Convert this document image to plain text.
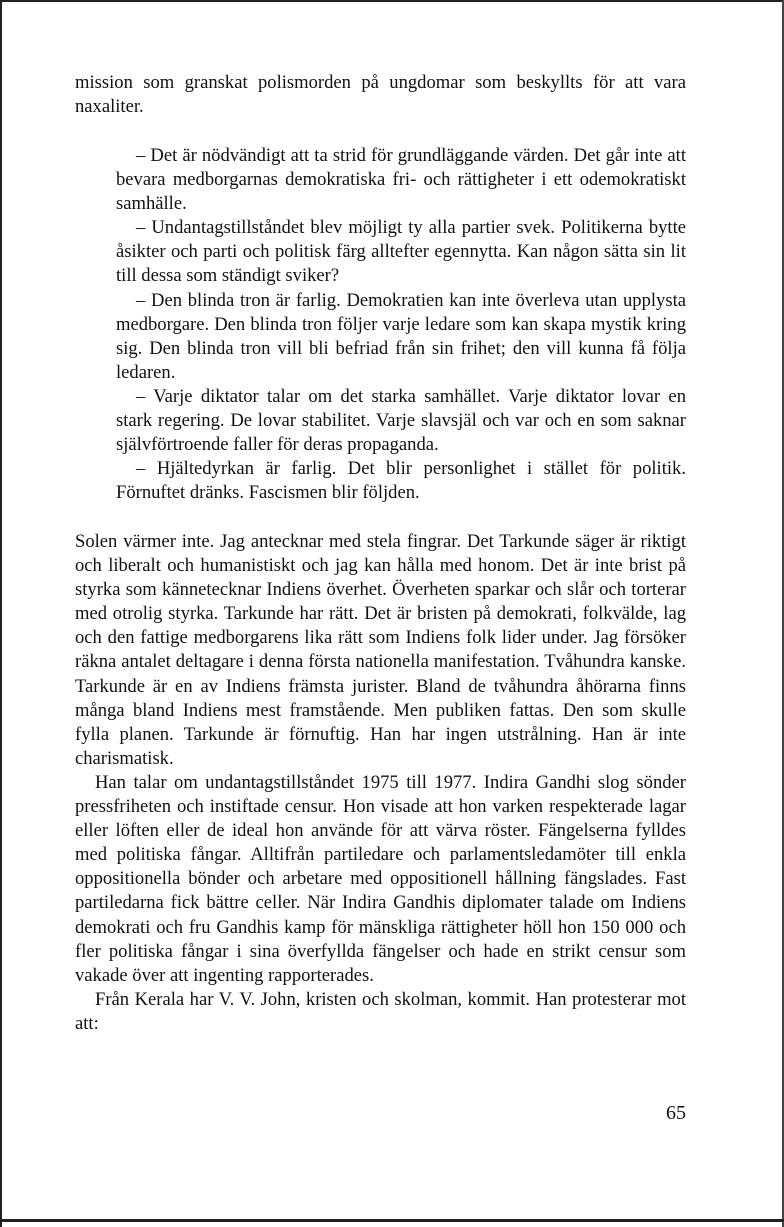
mission som granskat polismorden på ungdomar som beskyllts för att vara naxaliter.

– Det är nödvändigt att ta strid för grundläggande värden. Det går inte att bevara medborgarnas demokratiska fri- och rättigheter i ett odemokratiskt samhälle.

– Undantagstillståndet blev möjligt ty alla partier svek. Politikerna bytte åsikter och parti och politisk färg alltefter egennytta. Kan någon sätta sin lit till dessa som ständigt sviker?

– Den blinda tron är farlig. Demokratien kan inte överleva utan upplysta medborgare. Den blinda tron följer varje ledare som kan skapa mystik kring sig. Den blinda tron vill bli befriad från sin frihet; den vill kunna få följa ledaren.

– Varje diktator talar om det starka samhället. Varje diktator lovar en stark regering. De lovar stabilitet. Varje slavsjäl och var och en som saknar självförtroende faller för deras propaganda.

– Hjältedyrkan är farlig. Det blir personlighet i stället för politik. Förnuftet dränks. Fascismen blir följden.

Solen värmer inte. Jag antecknar med stela fingrar. Det Tarkunde säger är riktigt och liberalt och humanistiskt och jag kan hålla med honom. Det är inte brist på styrka som kännetecknar Indiens överhet. Överheten sparkar och slår och torterar med otrolig styrka. Tarkunde har rätt. Det är bristen på demokrati, folkvälde, lag och den fattige medborgarens lika rätt som Indiens folk lider under. Jag försöker räkna antalet deltagare i denna första nationella manifestation. Tvåhundra kanske. Tarkunde är en av Indiens främsta jurister. Bland de tvåhundra åhörarna finns många bland Indiens mest framstående. Men publiken fattas. Den som skulle fylla planen. Tarkunde är förnuftig. Han har ingen utstrålning. Han är inte charismatisk.

Han talar om undantagstillståndet 1975 till 1977. Indira Gandhi slog sönder pressfriheten och instiftade censur. Hon visade att hon varken respekterade lagar eller löften eller de ideal hon använde för att värva röster. Fängelserna fylldes med politiska fångar. Alltifrån partiledare och parlamentsledamöter till enkla oppositionella bönder och arbetare med oppositionell hållning fängslades. Fast partiledarna fick bättre celler. När Indira Gandhis diplomater talade om Indiens demokrati och fru Gandhis kamp för mänskliga rättigheter höll hon 150 000 och fler politiska fångar i sina överfyllda fängelser och hade en strikt censur som vakade över att ingenting rapporterades.

Från Kerala har V. V. John, kristen och skolman, kommit. Han protesterar mot att:

65
